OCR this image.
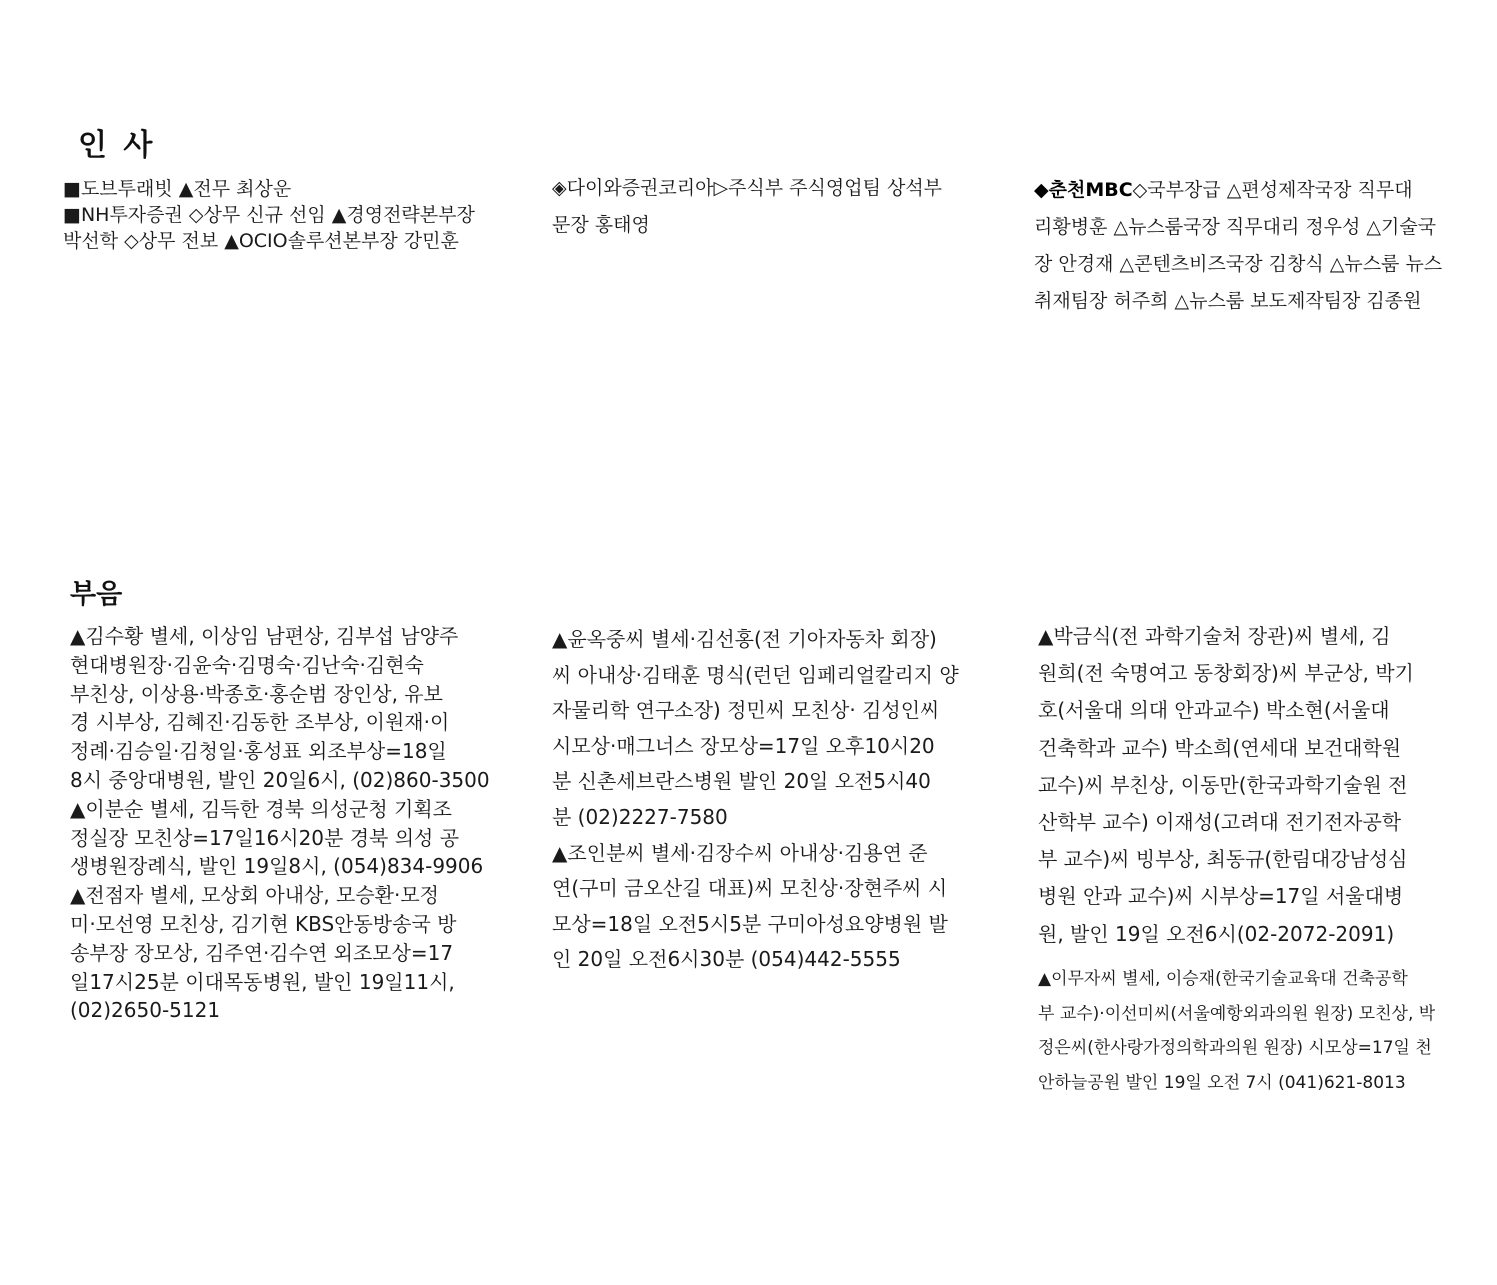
인 사
■도브투래빗 ▲전무 최상운
■NH투자증권 ◇상무 신규 선임 ▲경영전략본부장
박선학 ◇상무 전보 ▲OCIO솔루션본부장 강민훈
◈다이와증권코리아▷주식부 주식영업팀 상석부
문장 홍태영
◆춘천MBC◇국부장급 △편성제작국장 직무대
리황병훈 △뉴스룸국장 직무대리 정우성 △기술국
장 안경재 △콘텐츠비즈국장 김창식 △뉴스룸 뉴스
취재팀장 허주희 △뉴스룸 보도제작팀장 김종원
부음
▲김수황 별세, 이상임 남편상, 김부섭 남양주
현대병원장·김윤숙·김명숙·김난숙·김현숙
부친상, 이상용·박종호·홍순범 장인상, 유보
경 시부상, 김혜진·김동한 조부상, 이원재·이
정례·김승일·김청일·홍성표 외조부상=18일
8시 중앙대병원, 발인 20일6시, (02)860-3500
▲이분순 별세, 김득한 경북 의성군청 기획조
정실장 모친상=17일16시20분 경북 의성 공
생병원장례식, 발인 19일8시, (054)834-9906
▲전점자 별세, 모상회 아내상, 모승환·모정
미·모선영 모친상, 김기현 KBS안동방송국 방
송부장 장모상, 김주연·김수연 외조모상=17
일17시25분 이대목동병원, 발인 19일11시,
(02)2650-5121
▲윤옥중씨 별세·김선홍(전 기아자동차 회장)
씨 아내상·김태훈 명식(런던 임페리얼칼리지 양
자물리학 연구소장) 정민씨 모친상· 김성인씨
시모상·매그너스 장모상=17일 오후10시20
분 신촌세브란스병원 발인 20일 오전5시40
분 (02)2227-7580
▲조인분씨 별세·김장수씨 아내상·김용연 준
연(구미 금오산길 대표)씨 모친상·장현주씨 시
모상=18일 오전5시5분 구미아성요양병원 발
인 20일 오전6시30분 (054)442-5555
▲박금식(전 과학기술처 장관)씨 별세, 김
원희(전 숙명여고 동창회장)씨 부군상, 박기
호(서울대 의대 안과교수) 박소현(서울대
건축학과 교수) 박소희(연세대 보건대학원
교수)씨 부친상, 이동만(한국과학기술원 전
산학부 교수) 이재성(고려대 전기전자공학
부 교수)씨 빙부상, 최동규(한림대강남성심
병원 안과 교수)씨 시부상=17일 서울대병
원, 발인 19일 오전6시(02-2072-2091)
▲이무자씨 별세, 이승재(한국기술교육대 건축공학
부 교수)·이선미씨(서울예항외과의원 원장) 모친상, 박
정은씨(한사랑가정의학과의원 원장) 시모상=17일 천
안하늘공원 발인 19일 오전 7시 (041)621-8013
